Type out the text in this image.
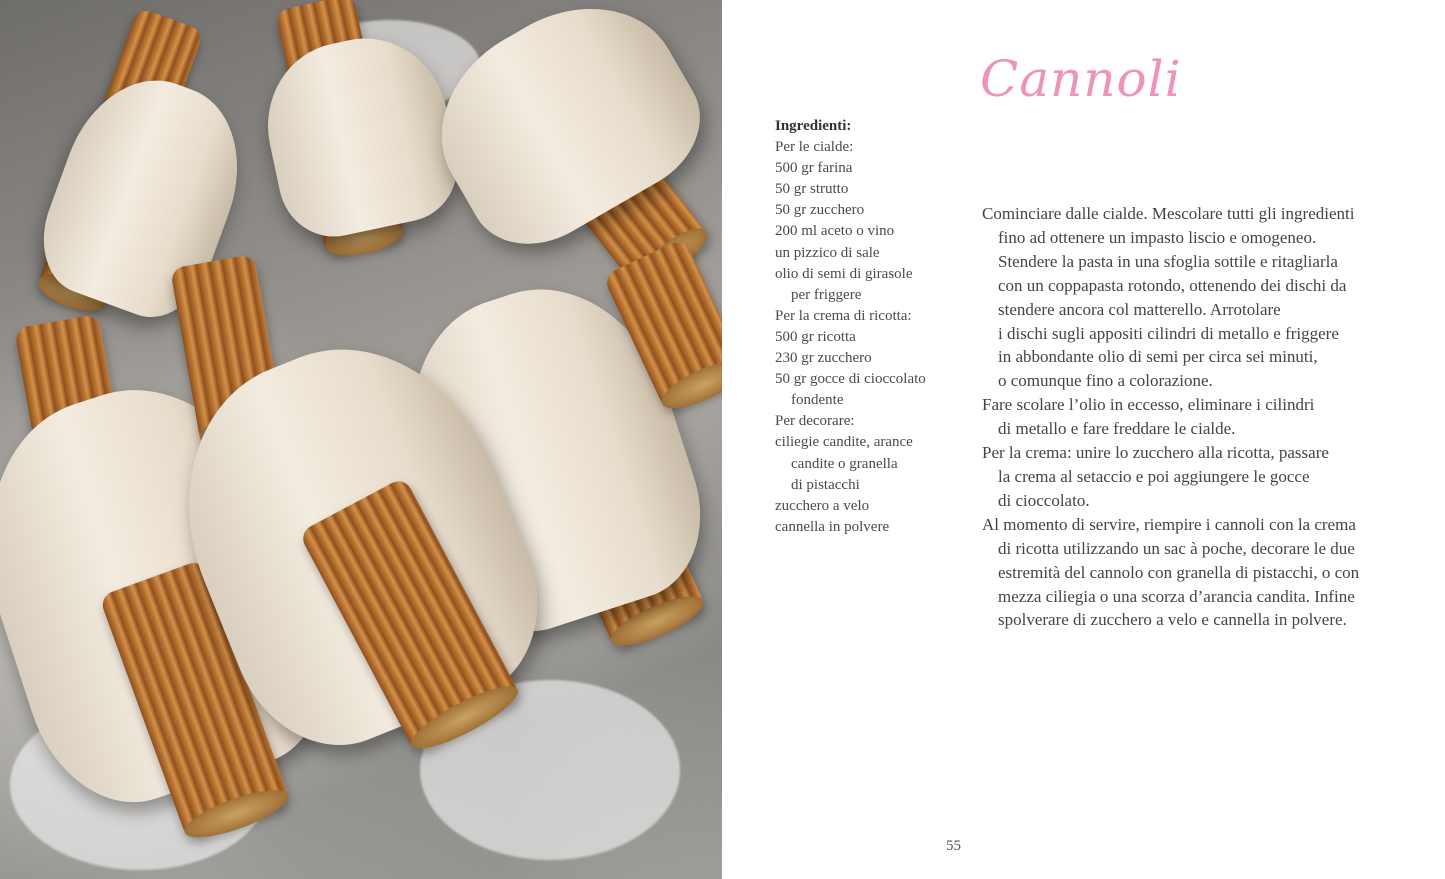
Cannoli
Ingredienti:
Per le cialde:
500 gr farina
50 gr strutto
50 gr zucchero
200 ml aceto o vino
un pizzico di sale
olio di semi di girasole
per friggere
Per la crema di ricotta:
500 gr ricotta
230 gr zucchero
50 gr gocce di cioccolato
fondente
Per decorare:
ciliegie candite, arance
candite o granella
di pistacchi
zucchero a velo
cannella in polvere
Cominciare dalle cialde. Mescolare tutti gli ingredienti
fino ad ottenere un impasto liscio e omogeneo.
Stendere la pasta in una sfoglia sottile e ritagliarla
con un coppapasta rotondo, ottenendo dei dischi da
stendere ancora col matterello. Arrotolare
i dischi sugli appositi cilindri di metallo e friggere
in abbondante olio di semi per circa sei minuti,
o comunque fino a colorazione.
Fare scolare l’olio in eccesso, eliminare i cilindri
di metallo e fare freddare le cialde.
Per la crema: unire lo zucchero alla ricotta, passare
la crema al setaccio e poi aggiungere le gocce
di cioccolato.
Al momento di servire, riempire i cannoli con la crema
di ricotta utilizzando un sac à poche, decorare le due
estremità del cannolo con granella di pistacchi, o con
mezza ciliegia o una scorza d’arancia candita. Infine
spolverare di zucchero a velo e cannella in polvere.
55
